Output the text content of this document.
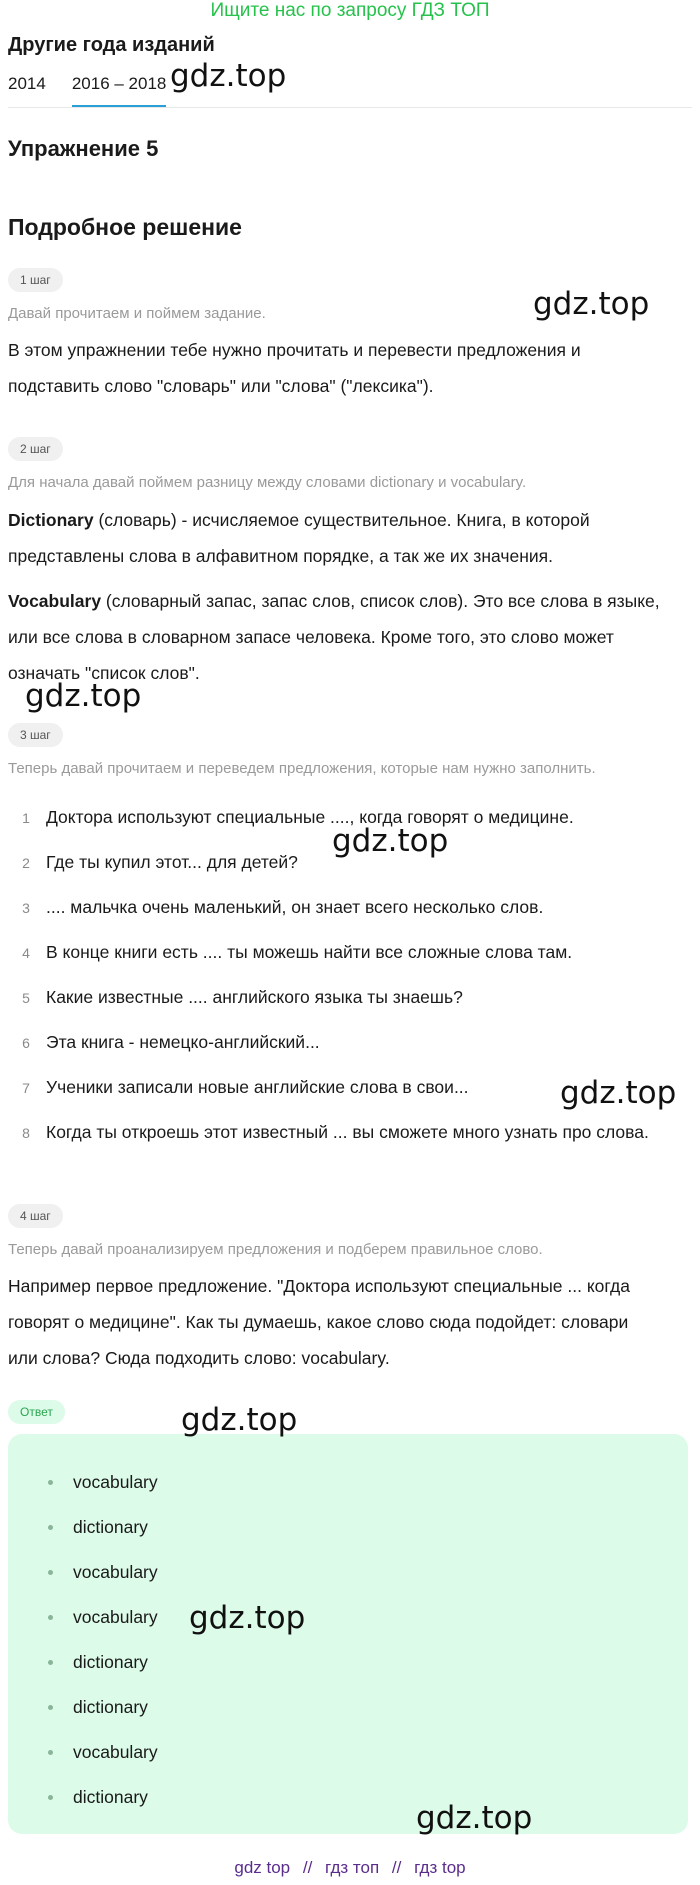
Ищите нас по запросу ГДЗ ТОП
Другие года изданий
2014 2016 – 2018
Упражнение 5
Подробное решение
1 шаг
Давай прочитаем и поймем задание.
В этом упражнении тебе нужно прочитать и перевести предложения и
подставить слово "словарь" или "слова" ("лексика").
2 шаг
Для начала давай поймем разницу между словами dictionary и vocabulary.
Dictionary (словарь) - исчисляемое существительное. Книга, в которой
представлены слова в алфавитном порядке, а так же их значения.
Vocabulary (словарный запас, запас слов, список слов). Это все слова в языке,
или все слова в словарном запасе человека. Кроме того, это слово может
означать "список слов".
3 шаг
Теперь давай прочитаем и переведем предложения, которые нам нужно заполнить.
1 Доктора используют специальные ...., когда говорят о медицине.
2 Где ты купил этот... для детей?
3 .... мальчка очень маленький, он знает всего несколько слов.
4 В конце книги есть .... ты можешь найти все сложные слова там.
5 Какие известные .... английского языка ты знаешь?
6 Эта книга - немецко-английский...
7 Ученики записали новые английские слова в свои...
8 Когда ты откроешь этот известный ... вы сможете много узнать про слова.
4 шаг
Теперь давай проанализируем предложения и подберем правильное слово.
Например первое предложение. "Доктора используют специальные ... когда
говорят о медицине". Как ты думаешь, какое слово сюда подойдет: словари
или слова? Сюда подходить слово: vocabulary.
Ответ
vocabulary
dictionary
vocabulary
vocabulary
dictionary
dictionary
vocabulary
dictionary
gdz.top
gdz.top
gdz.top
gdz.top
gdz.top
gdz.top
gdz.top
gdz.top
gdz top // гдз топ // гдз top
